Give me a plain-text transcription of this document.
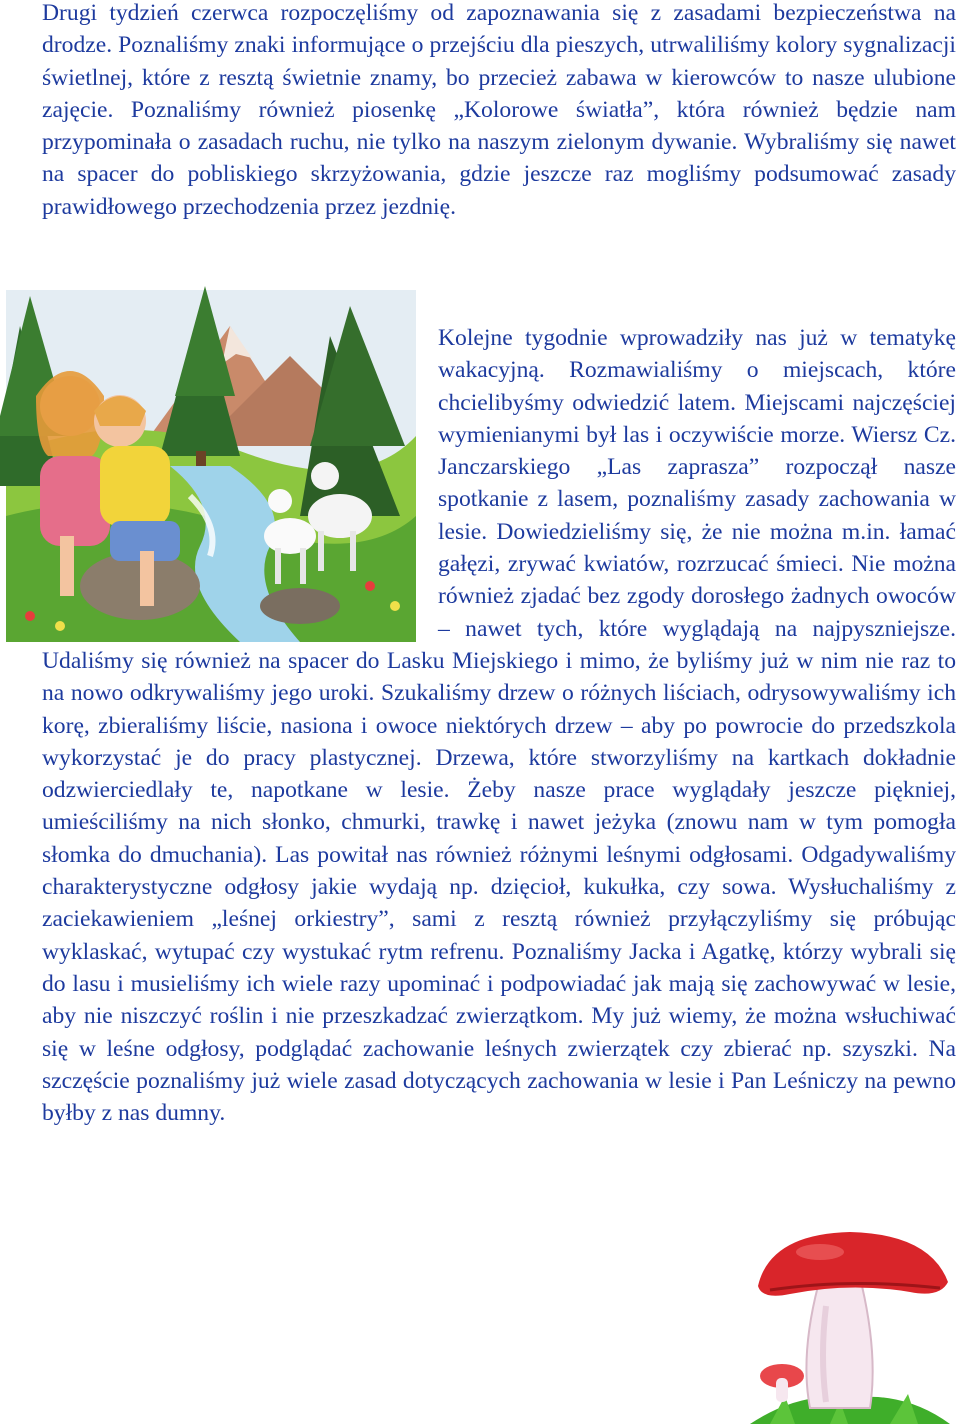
Drugi tydzień czerwca rozpoczęliśmy od zapoznawania się z zasadami bezpieczeństwa na drodze. Poznaliśmy znaki informujące o przejściu dla pieszych, utrwaliliśmy kolory sygnalizacji świetlnej, które z resztą świetnie znamy, bo przecież zabawa w kierowców to nasze ulubione zajęcie. Poznaliśmy również piosenkę „Kolorowe światła”, która również będzie nam przypominała o zasadach ruchu, nie tylko na naszym zielonym dywanie. Wybraliśmy się nawet na spacer do pobliskiego skrzyżowania, gdzie jeszcze raz mogliśmy podsumować zasady prawidłowego przechodzenia przez jezdnię.

Kolejne tygodnie wprowadziły nas już w tematykę wakacyjną. Rozmawialiśmy o miejscach, które chcielibyśmy odwiedzić latem. Miejscami najczęściej wymienianymi był las i oczywiście morze. Wiersz Cz. Janczarskiego „Las zaprasza” rozpoczął nasze spotkanie z lasem, poznaliśmy zasady zachowania w lesie. Dowiedzieliśmy się, że nie można m.in. łamać gałęzi, zrywać kwiatów, rozrzucać śmieci. Nie można również zjadać bez zgody dorosłego żadnych owoców – nawet tych, które wyglądają na najpyszniejsze. Udaliśmy się również na spacer do Lasku Miejskiego i mimo, że byliśmy już w nim nie raz to na nowo odkrywaliśmy jego uroki. Szukaliśmy drzew o różnych liściach, odrysowywaliśmy ich korę, zbieraliśmy liście, nasiona i owoce niektórych drzew – aby po powrocie do przedszkola wykorzystać je do pracy plastycznej. Drzewa, które stworzyliśmy na kartkach dokładnie odzwierciedlały te, napotkane w lesie. Żeby nasze prace wyglądały jeszcze piękniej, umieściliśmy na nich słonko, chmurki, trawkę i nawet jeżyka (znowu nam w tym pomogła słomka do dmuchania). Las powitał nas również różnymi leśnymi odgłosami. Odgadywaliśmy charakterystyczne odgłosy jakie wydają np. dzięcioł, kukułka, czy sowa. Wysłuchaliśmy z zaciekawieniem „leśnej orkiestry”, sami z resztą również przyłączyliśmy się próbując wyklaskać, wytupać czy wystukać rytm refrenu. Poznaliśmy Jacka i Agatkę, którzy wybrali się do lasu i musieliśmy ich wiele razy upominać i podpowiadać jak mają się zachowywać w lesie, aby nie niszczyć roślin i nie przeszkadzać zwierzątkom. My już wiemy, że można wsłuchiwać się w leśne odgłosy, podglądać zachowanie leśnych zwierzątek czy zbierać np. szyszki. Na szczęście poznaliśmy już wiele zasad dotyczących zachowania w lesie i Pan Leśniczy na pewno byłby z nas dumny.
